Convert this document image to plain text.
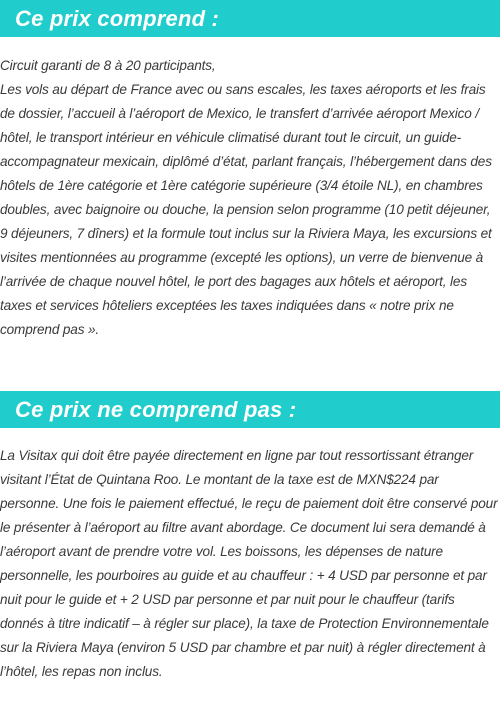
Ce prix comprend :

Circuit garanti de 8 à 20 participants,

Les vols au départ de France avec ou sans escales, les taxes aéroports et les frais de dossier, l’accueil à l’aéroport de Mexico, le transfert d’arrivée aéroport Mexico / hôtel, le transport intérieur en véhicule climatisé durant tout le circuit, un guide-accompagnateur mexicain, diplômé d’état, parlant français, l’hébergement dans des hôtels de 1ère catégorie et 1ère catégorie supérieure (3/4 étoile NL), en chambres doubles, avec baignoire ou douche, la pension selon programme (10 petit déjeuner, 9 déjeuners, 7 dîners) et la formule tout inclus sur la Riviera Maya, les excursions et visites mentionnées au programme (excepté les options), un verre de bienvenue à l’arrivée de chaque nouvel hôtel, le port des bagages aux hôtels et aéroport, les taxes et services hôteliers exceptées les taxes indiquées dans « notre prix ne comprend pas ».

Ce prix ne comprend pas :

La Visitax qui doit être payée directement en ligne par tout ressortissant étranger visitant l’État de Quintana Roo. Le montant de la taxe est de MXN$224 par personne. Une fois le paiement effectué, le reçu de paiement doit être conservé pour le présenter à l’aéroport au filtre avant abordage. Ce document lui sera demandé à l’aéroport avant de prendre votre vol. Les boissons, les dépenses de nature personnelle, les pourboires au guide et au chauffeur : + 4 USD par personne et par nuit pour le guide et + 2 USD par personne et par nuit pour le chauffeur (tarifs donnés à titre indicatif – à régler sur place), la taxe de Protection Environnementale sur la Riviera Maya (environ 5 USD par chambre et par nuit) à régler directement à l’hôtel, les repas non inclus.
